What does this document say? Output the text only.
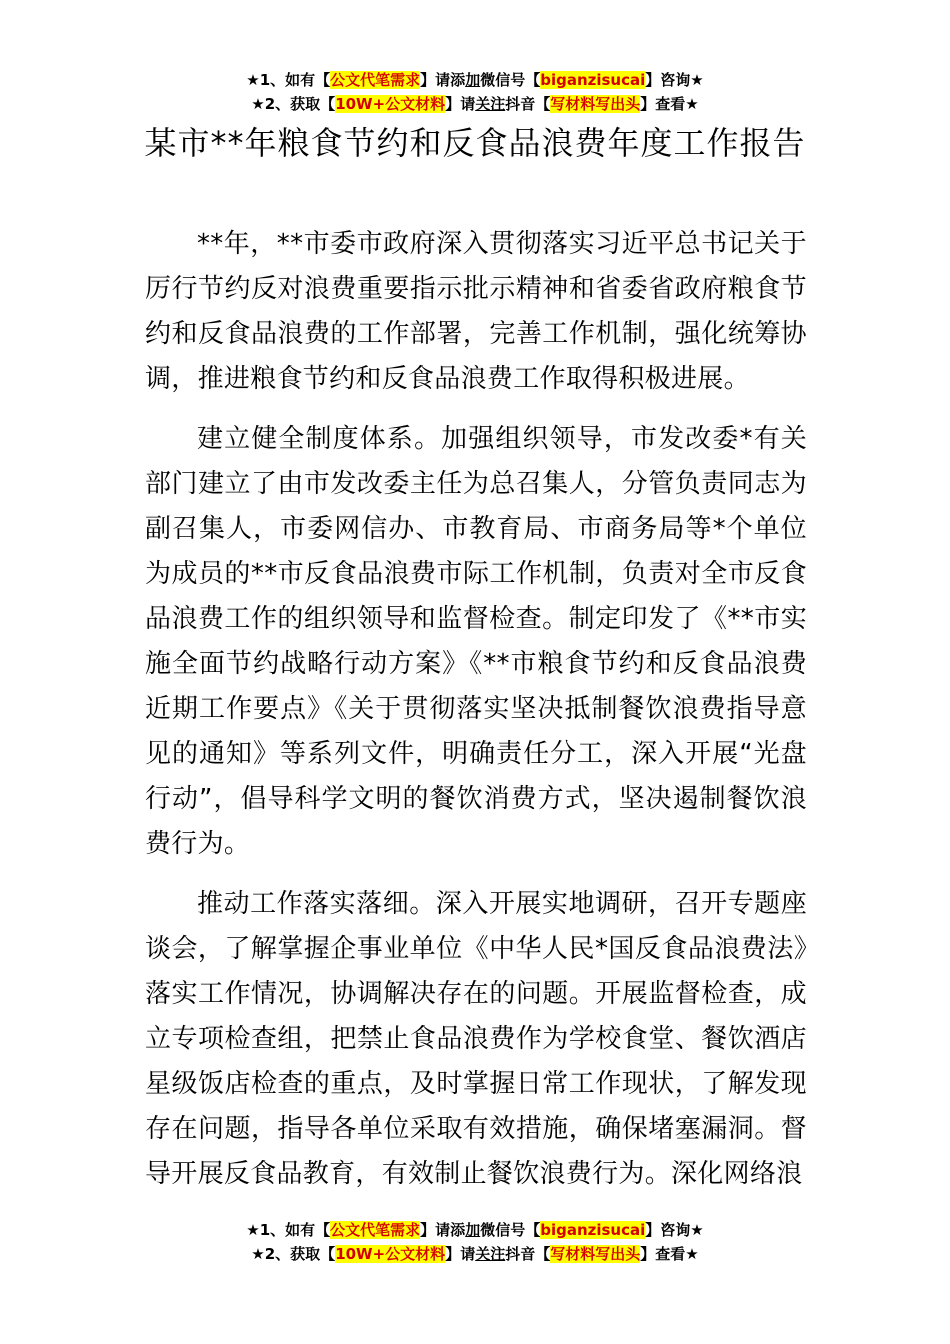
★1、如有【公文代笔需求】请添加微信号【biganzisucai】咨询★
★2、获取【10W+公文材料】请关注抖音【写材料写出头】查看★
某市**年粮食节约和反食品浪费年度工作报告

**年，**市委市政府深入贯彻落实习近平总书记关于厉行节约反对浪费重要指示批示精神和省委省政府粮食节约和反食品浪费的工作部署，完善工作机制，强化统筹协调，推进粮食节约和反食品浪费工作取得积极进展。

建立健全制度体系。加强组织领导，市发改委*有关部门建立了由市发改委主任为总召集人，分管负责同志为副召集人，市委网信办、市教育局、市商务局等*个单位为成员的**市反食品浪费市际工作机制，负责对全市反食品浪费工作的组织领导和监督检查。制定印发了《**市实施全面节约战略行动方案》《**市粮食节约和反食品浪费近期工作要点》《关于贯彻落实坚决抵制餐饮浪费指导意见的通知》等系列文件，明确责任分工，深入开展“光盘行动”，倡导科学文明的餐饮消费方式，坚决遏制餐饮浪费行为。

推动工作落实落细。深入开展实地调研，召开专题座谈会，了解掌握企事业单位《中华人民*国反食品浪费法》落实工作情况，协调解决存在的问题。开展监督检查，成立专项检查组，把禁止食品浪费作为学校食堂、餐饮酒店星级饭店检查的重点，及时掌握日常工作现状，了解发现存在问题，指导各单位采取有效措施，确保堵塞漏洞。督导开展反食品教育，有效制止餐饮浪费行为。深化网络浪

★1、如有【公文代笔需求】请添加微信号【biganzisucai】咨询★
★2、获取【10W+公文材料】请关注抖音【写材料写出头】查看★
